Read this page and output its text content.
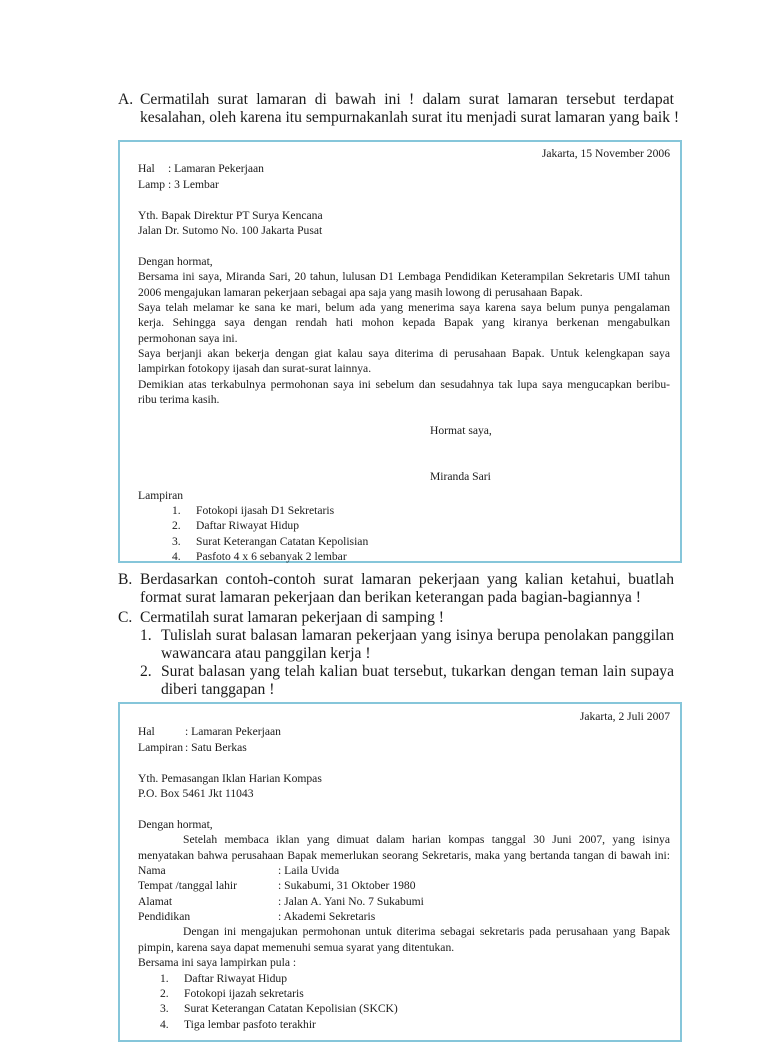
A. Cermatilah surat lamaran di bawah ini ! dalam surat lamaran tersebut terdapat
kesalahan, oleh karena itu sempurnakanlah surat itu menjadi surat lamaran yang baik !
Jakarta, 15 November 2006
Hal : Lamaran Pekerjaan
Lamp : 3 Lembar
Yth. Bapak Direktur PT Surya Kencana
Jalan Dr. Sutomo No. 100 Jakarta Pusat
Dengan hormat,
Bersama ini saya, Miranda Sari, 20 tahun, lulusan D1 Lembaga Pendidikan Keterampilan Sekretaris UMI tahun
2006 mengajukan lamaran pekerjaan sebagai apa saja yang masih lowong di perusahaan Bapak.
Saya telah melamar ke sana ke mari, belum ada yang menerima saya karena saya belum punya pengalaman
kerja. Sehingga saya dengan rendah hati mohon kepada Bapak yang kiranya berkenan mengabulkan
permohonan saya ini.
Saya berjanji akan bekerja dengan giat kalau saya diterima di perusahaan Bapak. Untuk kelengkapan saya
lampirkan fotokopy ijasah dan surat-surat lainnya.
Demikian atas terkabulnya permohonan saya ini sebelum dan sesudahnya tak lupa saya mengucapkan beribu-
ribu terima kasih.
Hormat saya,
Miranda Sari
Lampiran
1. Fotokopi ijasah D1 Sekretaris
2. Daftar Riwayat Hidup
3. Surat Keterangan Catatan Kepolisian
4. Pasfoto 4 x 6 sebanyak 2 lembar
B. Berdasarkan contoh-contoh surat lamaran pekerjaan yang kalian ketahui, buatlah
format surat lamaran pekerjaan dan berikan keterangan pada bagian-bagiannya !
C. Cermatilah surat lamaran pekerjaan di samping !
1. Tulislah surat balasan lamaran pekerjaan yang isinya berupa penolakan panggilan
wawancara atau panggilan kerja !
2. Surat balasan yang telah kalian buat tersebut, tukarkan dengan teman lain supaya
diberi tanggapan !
Jakarta, 2 Juli 2007
Hal	: Lamaran Pekerjaan
Lampiran : Satu Berkas
Yth. Pemasangan Iklan Harian Kompas
P.O. Box 5461 Jkt 11043
Dengan hormat,
Setelah membaca iklan yang dimuat dalam harian kompas tanggal 30 Juni 2007, yang isinya
menyatakan bahwa perusahaan Bapak memerlukan seorang Sekretaris, maka yang bertanda tangan di bawah ini:
Nama	: Laila Uvida
Tempat /tanggal lahir	: Sukabumi, 31 Oktober 1980
Alamat	: Jalan A. Yani No. 7 Sukabumi
Pendidikan	: Akademi Sekretaris
Dengan ini mengajukan permohonan untuk diterima sebagai sekretaris pada perusahaan yang Bapak
pimpin, karena saya dapat memenuhi semua syarat yang ditentukan.
Bersama ini saya lampirkan pula :
1. Daftar Riwayat Hidup
2. Fotokopi ijazah sekretaris
3. Surat Keterangan Catatan Kepolisian (SKCK)
4. Tiga lembar pasfoto terakhir
